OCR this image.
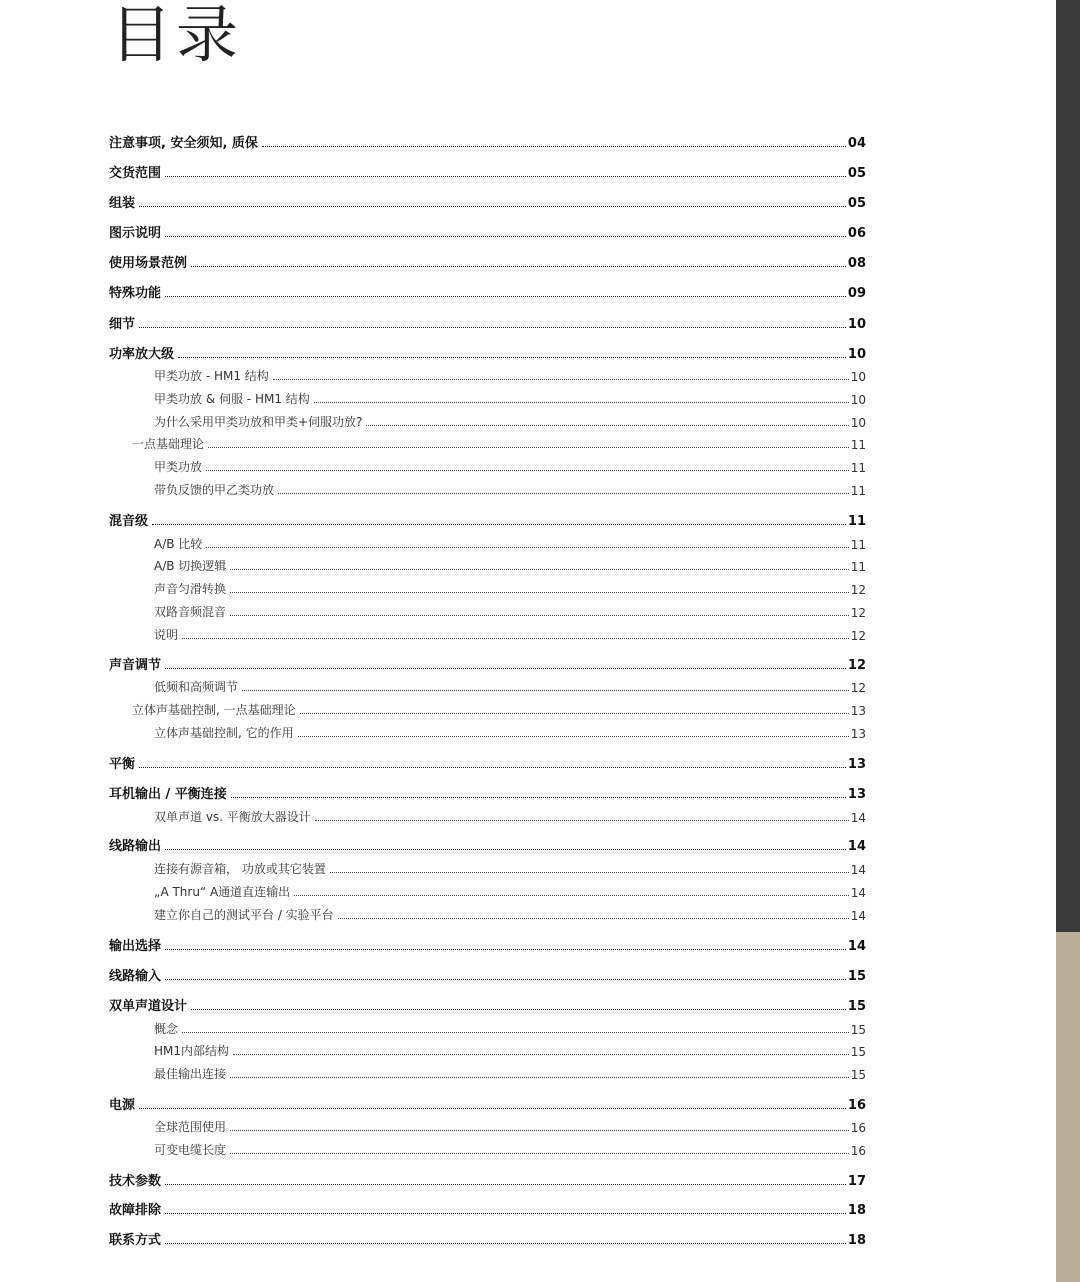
目录
注意事项, 安全须知, 质保	04
交货范围	05
组装	05
图示说明	06
使用场景范例	08
特殊功能	09
细节	10
功率放大级	10
甲类功放 - HM1 结构	10
甲类功放 & 伺服 - HM1 结构	10
为什么采用甲类功放和甲类+伺服功放?	10
一点基础理论	11
甲类功放	11
带负反馈的甲乙类功放	11
混音级	11
A/B 比较	11
A/B 切换逻辑	11
声音匀滑转换	12
双路音频混音	12
说明	12
声音调节	12
低频和高频调节	12
立体声基础控制, 一点基础理论	13
立体声基础控制, 它的作用	13
平衡	13
耳机输出 / 平衡连接	13
双单声道 vs. 平衡放大器设计	14
线路输出	14
连接有源音箱， 功放或其它装置	14
„A Thru“ A通道直连输出	14
建立你自己的测试平台 / 实验平台	14
输出选择	14
线路输入	15
双单声道设计	15
概念	15
HM1内部结构	15
最佳输出连接	15
电源	16
全球范围使用	16
可变电缆长度	16
技术参数	17
故障排除	18
联系方式	18
